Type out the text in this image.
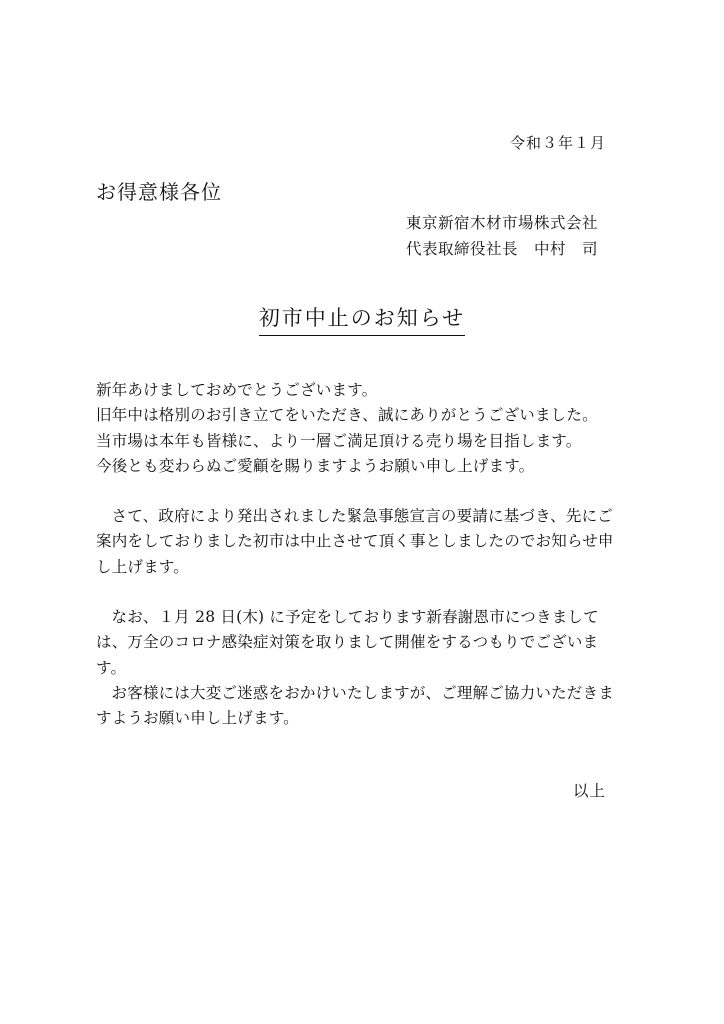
令和３年１月
お得意様各位
東京新宿木材市場株式会社
代表取締役社長　中村　司
初市中止のお知らせ

新年あけましておめでとうございます。

旧年中は格別のお引き立てをいただき、誠にありがとうございました。

当市場は本年も皆様に、より一層ご満足頂ける売り場を目指します。

今後とも変わらぬご愛顧を賜りますようお願い申し上げます。

さて、政府により発出されました緊急事態宣言の要請に基づき、先にご案内をしておりました初市は中止させて頂く事としましたのでお知らせ申し上げます。

なお、１月 28 日(木) に予定をしております新春謝恩市につきましては、万全のコロナ感染症対策を取りまして開催をするつもりでございます。

お客様には大変ご迷惑をおかけいたしますが、ご理解ご協力いただきますようお願い申し上げます。

以上
